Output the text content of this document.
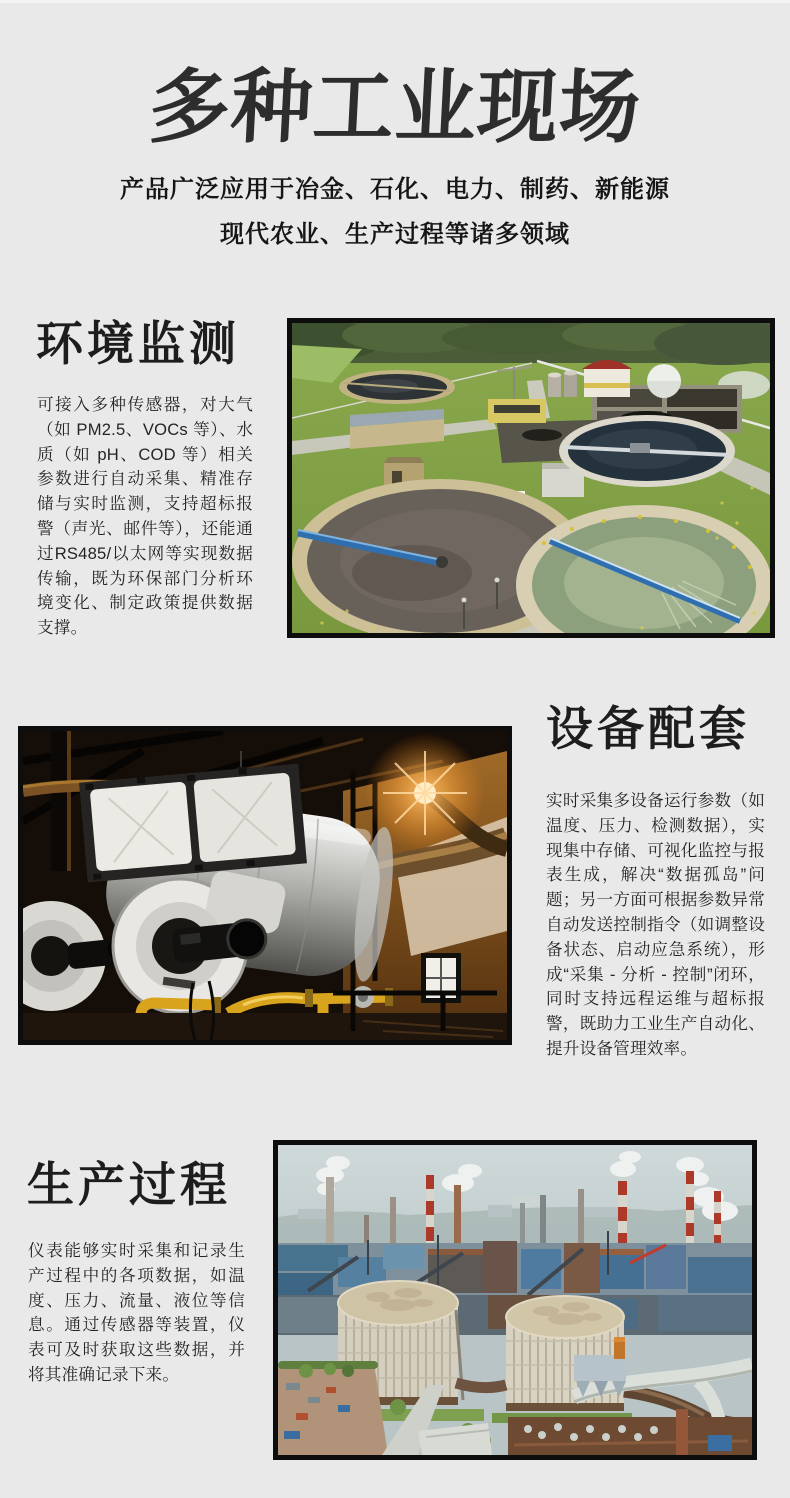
多种工业现场

产品广泛应用于冶金、石化、电力、制药、新能源

现代农业、生产过程等诸多领域

环境监测

可接入多种传感器，对大气（如 PM2.5、VOCs 等）、水质（如 pH、COD 等）相关参数进行自动采集、精准存储与实时监测，支持超标报警（声光、邮件等），还能通过RS485/以太网等实现数据传输，既为环保部门分析环境变化、制定政策提供数据支撑。

设备配套

实时采集多设备运行参数（如温度、压力、检测数据），实现集中存储、可视化监控与报表生成，解决“数据孤岛”问题；另一方面可根据参数异常自动发送控制指令（如调整设备状态、启动应急系统），形成“采集 - 分析 - 控制”闭环，同时支持远程运维与超标报警，既助力工业生产自动化、提升设备管理效率。

生产过程

仪表能够实时采集和记录生产过程中的各项数据，如温度、压力、流量、液位等信息。通过传感器等装置，仪表可及时获取这些数据，并将其准确记录下来。
